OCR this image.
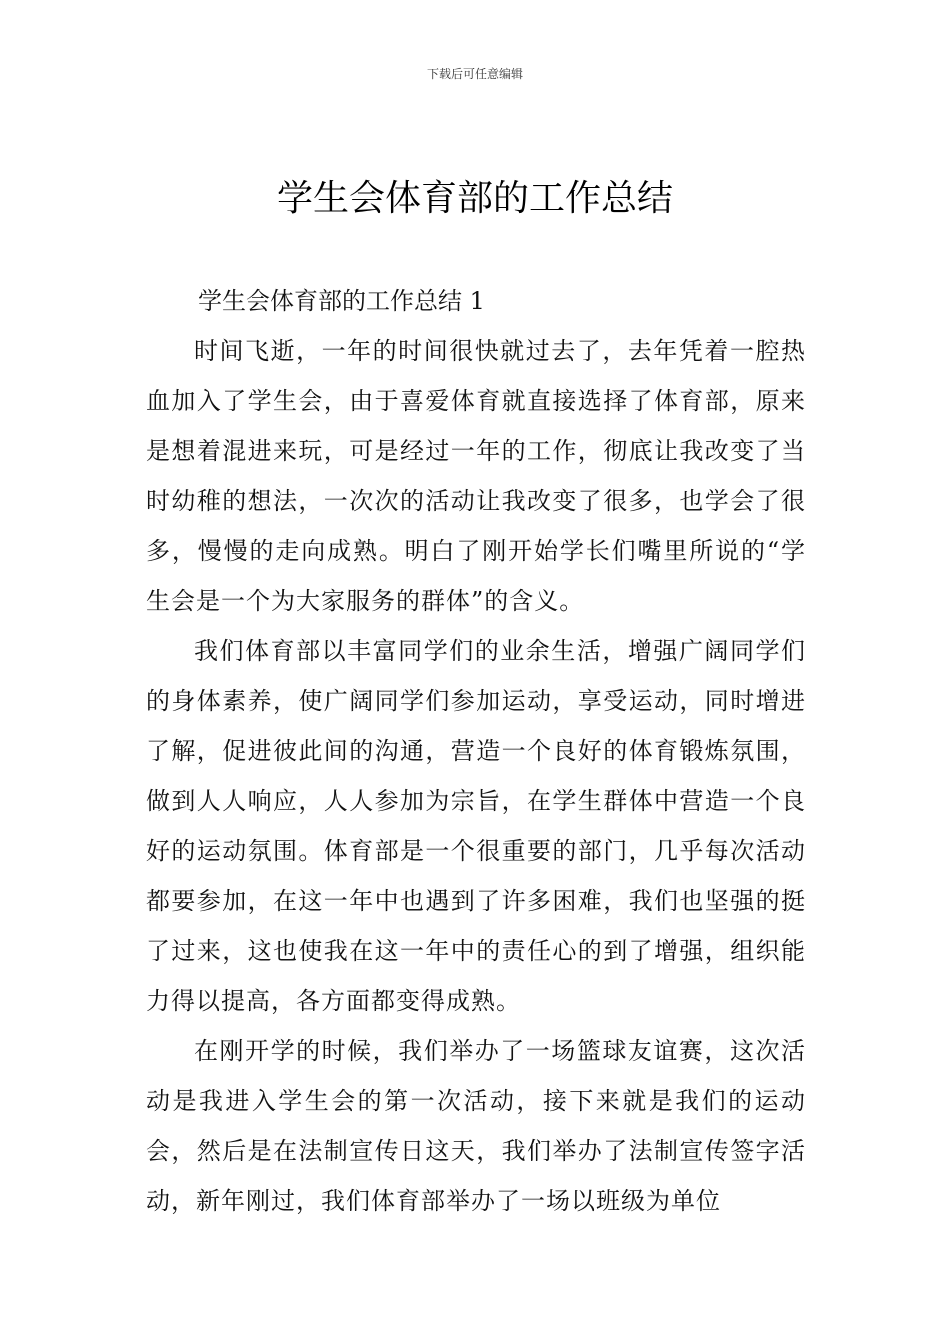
下载后可任意编辑
学生会体育部的工作总结

学生会体育部的工作总结 1

时间飞逝，一年的时间很快就过去了，去年凭着一腔热血加入了学生会，由于喜爱体育就直接选择了体育部，原来是想着混进来玩，可是经过一年的工作，彻底让我改变了当时幼稚的想法，一次次的活动让我改变了很多，也学会了很多，慢慢的走向成熟。明白了刚开始学长们嘴里所说的“学生会是一个为大家服务的群体”的含义。

我们体育部以丰富同学们的业余生活，增强广阔同学们的身体素养，使广阔同学们参加运动，享受运动，同时增进了解，促进彼此间的沟通，营造一个良好的体育锻炼氛围，做到人人响应，人人参加为宗旨，在学生群体中营造一个良好的运动氛围。体育部是一个很重要的部门，几乎每次活动都要参加，在这一年中也遇到了许多困难，我们也坚强的挺了过来，这也使我在这一年中的责任心的到了增强，组织能力得以提高，各方面都变得成熟。

在刚开学的时候，我们举办了一场篮球友谊赛，这次活动是我进入学生会的第一次活动，接下来就是我们的运动会，然后是在法制宣传日这天，我们举办了法制宣传签字活动，新年刚过，我们体育部举办了一场以班级为单位
